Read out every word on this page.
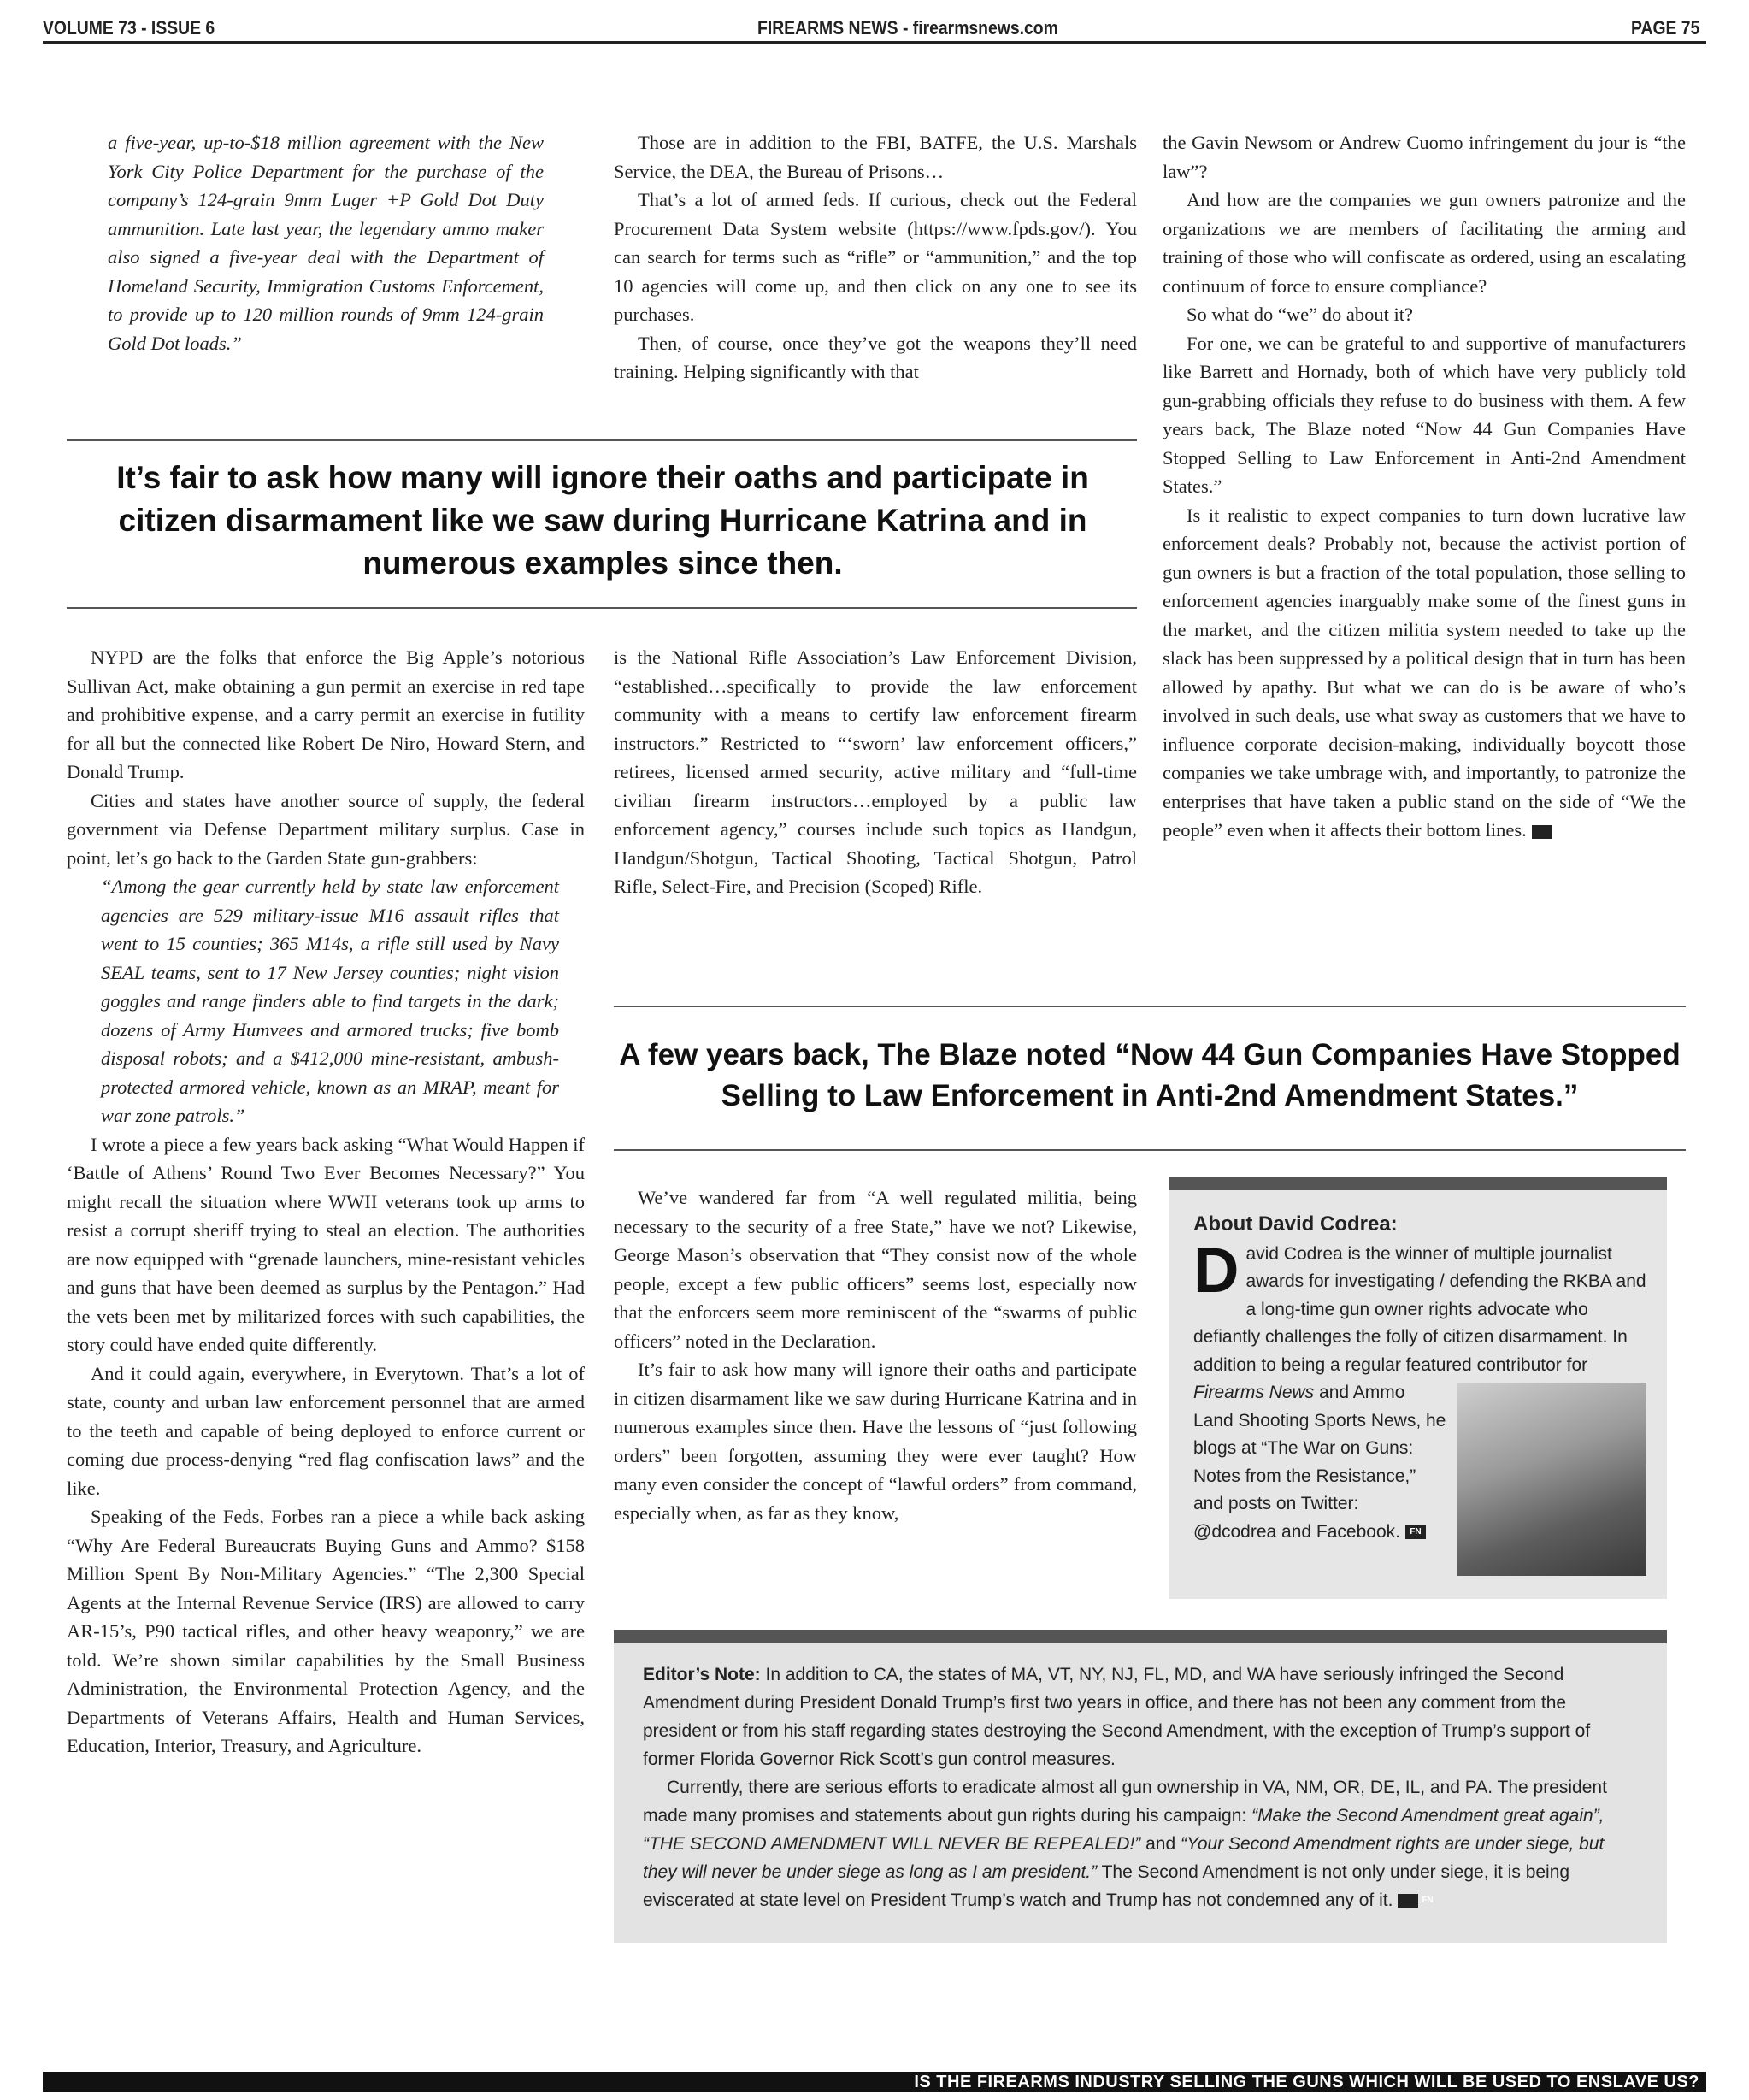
VOLUME 73 - ISSUE 6	FIREARMS NEWS - firearmsnews.com	PAGE 75

a five-year, up-to-$18 million agreement with the New York City Police Department for the purchase of the company’s 124-grain 9mm Luger +P Gold Dot Duty ammunition. Late last year, the legendary ammo maker also signed a five-year deal with the Department of Homeland Security, Immigration Customs Enforcement, to provide up to 120 million rounds of 9mm 124-grain Gold Dot loads.”

Those are in addition to the FBI, BATFE, the U.S. Marshals Service, the DEA, the Bureau of Prisons…

That’s a lot of armed feds. If curious, check out the Federal Procurement Data System website (https://www.fpds.gov/). You can search for terms such as “rifle” or “ammunition,” and the top 10 agencies will come up, and then click on any one to see its purchases.

Then, of course, once they’ve got the weapons they’ll need training. Helping significantly with that

It’s fair to ask how many will ignore their oaths and participate in citizen disarmament like we saw during Hurricane Katrina and in numerous examples since then.

NYPD are the folks that enforce the Big Apple’s notorious Sullivan Act, make obtaining a gun permit an exercise in red tape and prohibitive expense, and a carry permit an exercise in futility for all but the connected like Robert De Niro, Howard Stern, and Donald Trump.

Cities and states have another source of supply, the federal government via Defense Department military surplus. Case in point, let’s go back to the Garden State gun-grabbers:

“Among the gear currently held by state law enforcement agencies are 529 military-issue M16 assault rifles that went to 15 counties; 365 M14s, a rifle still used by Navy SEAL teams, sent to 17 New Jersey counties; night vision goggles and range finders able to find targets in the dark; dozens of Army Humvees and armored trucks; five bomb disposal robots; and a $412,000 mine-resistant, ambush-protected armored vehicle, known as an MRAP, meant for war zone patrols.”

I wrote a piece a few years back asking “What Would Happen if ‘Battle of Athens’ Round Two Ever Becomes Necessary?” You might recall the situation where WWII veterans took up arms to resist a corrupt sheriff trying to steal an election. The authorities are now equipped with “grenade launchers, mine-resistant vehicles and guns that have been deemed as surplus by the Pentagon.” Had the vets been met by militarized forces with such capabilities, the story could have ended quite differently.

And it could again, everywhere, in Everytown. That’s a lot of state, county and urban law enforcement personnel that are armed to the teeth and capable of being deployed to enforce current or coming due process-denying “red flag confiscation laws” and the like.

Speaking of the Feds, Forbes ran a piece a while back asking “Why Are Federal Bureaucrats Buying Guns and Ammo? $158 Million Spent By Non-Military Agencies.” “The 2,300 Special Agents at the Internal Revenue Service (IRS) are allowed to carry AR-15’s, P90 tactical rifles, and other heavy weaponry,” we are told. We’re shown similar capabilities by the Small Business Administration, the Environmental Protection Agency, and the Departments of Veterans Affairs, Health and Human Services, Education, Interior, Treasury, and Agriculture.

is the National Rifle Association’s Law Enforcement Division, “established…specifically to provide the law enforcement community with a means to certify law enforcement firearm instructors.” Restricted to “‘sworn’ law enforcement officers,” retirees, licensed armed security, active military and “full-time civilian firearm instructors…employed by a public law enforcement agency,” courses include such topics as Handgun, Handgun/Shotgun, Tactical Shooting, Tactical Shotgun, Patrol Rifle, Select-Fire, and Precision (Scoped) Rifle.

the Gavin Newsom or Andrew Cuomo infringement du jour is “the law”?

And how are the companies we gun owners patronize and the organizations we are members of facilitating the arming and training of those who will confiscate as ordered, using an escalating continuum of force to ensure compliance?

So what do “we” do about it?

For one, we can be grateful to and supportive of manufacturers like Barrett and Hornady, both of which have very publicly told gun-grabbing officials they refuse to do business with them. A few years back, The Blaze noted “Now 44 Gun Companies Have Stopped Selling to Law Enforcement in Anti-2nd Amendment States.”

Is it realistic to expect companies to turn down lucrative law enforcement deals? Probably not, because the activist portion of gun owners is but a fraction of the total population, those selling to enforcement agencies inarguably make some of the finest guns in the market, and the citizen militia system needed to take up the slack has been suppressed by a political design that in turn has been allowed by apathy. But what we can do is be aware of who’s involved in such deals, use what sway as customers that we have to influence corporate decision-making, individually boycott those companies we take umbrage with, and importantly, to patronize the enterprises that have taken a public stand on the side of “We the people” even when it affects their bottom lines.	FN

A few years back, The Blaze noted “Now 44 Gun Companies Have Stopped Selling to Law Enforcement in Anti-2nd Amendment States.”

We’ve wandered far from “A well regulated militia, being necessary to the security of a free State,” have we not? Likewise, George Mason’s observation that “They consist now of the whole people, except a few public officers” seems lost, especially now that the enforcers seem more reminiscent of the “swarms of public officers” noted in the Declaration.

It’s fair to ask how many will ignore their oaths and participate in citizen disarmament like we saw during Hurricane Katrina and in numerous examples since then. Have the lessons of “just following orders” been forgotten, assuming they were ever taught? How many even consider the concept of “lawful orders” from command, especially when, as far as they know,

About David Codrea:
D avid Codrea is the winner of multiple journalist awards for investigating / defending the RKBA and a long-time gun owner rights advocate who defiantly challenges the folly of citizen disarmament. In addition to being a regular featured contributor for
Firearms News and Ammo Land Shooting Sports News, he blogs at “The War on Guns: Notes from the Resistance,” and posts on Twitter: @dcodrea and Facebook. FN

Editor’s Note: In addition to CA, the states of MA, VT, NY, NJ, FL, MD, and WA have seriously infringed the Second Amendment during President Donald Trump’s first two years in office, and there has not been any comment from the president or from his staff regarding states destroying the Second Amendment, with the exception of Trump’s support of former Florida Governor Rick Scott’s gun control measures.

Currently, there are serious efforts to eradicate almost all gun ownership in VA, NM, OR, DE, IL, and PA. The president made many promises and statements about gun rights during his campaign: “Make the Second Amendment great again”, “THE SECOND AMENDMENT WILL NEVER BE REPEALED!” and “Your Second Amendment rights are under siege, but they will never be under siege as long as I am president.” The Second Amendment is not only under siege, it is being eviscerated at state level on President Trump’s watch and Trump has not condemned any of it.	FN

IS THE FIREARMS INDUSTRY SELLING THE GUNS WHICH WILL BE USED TO ENSLAVE US?
